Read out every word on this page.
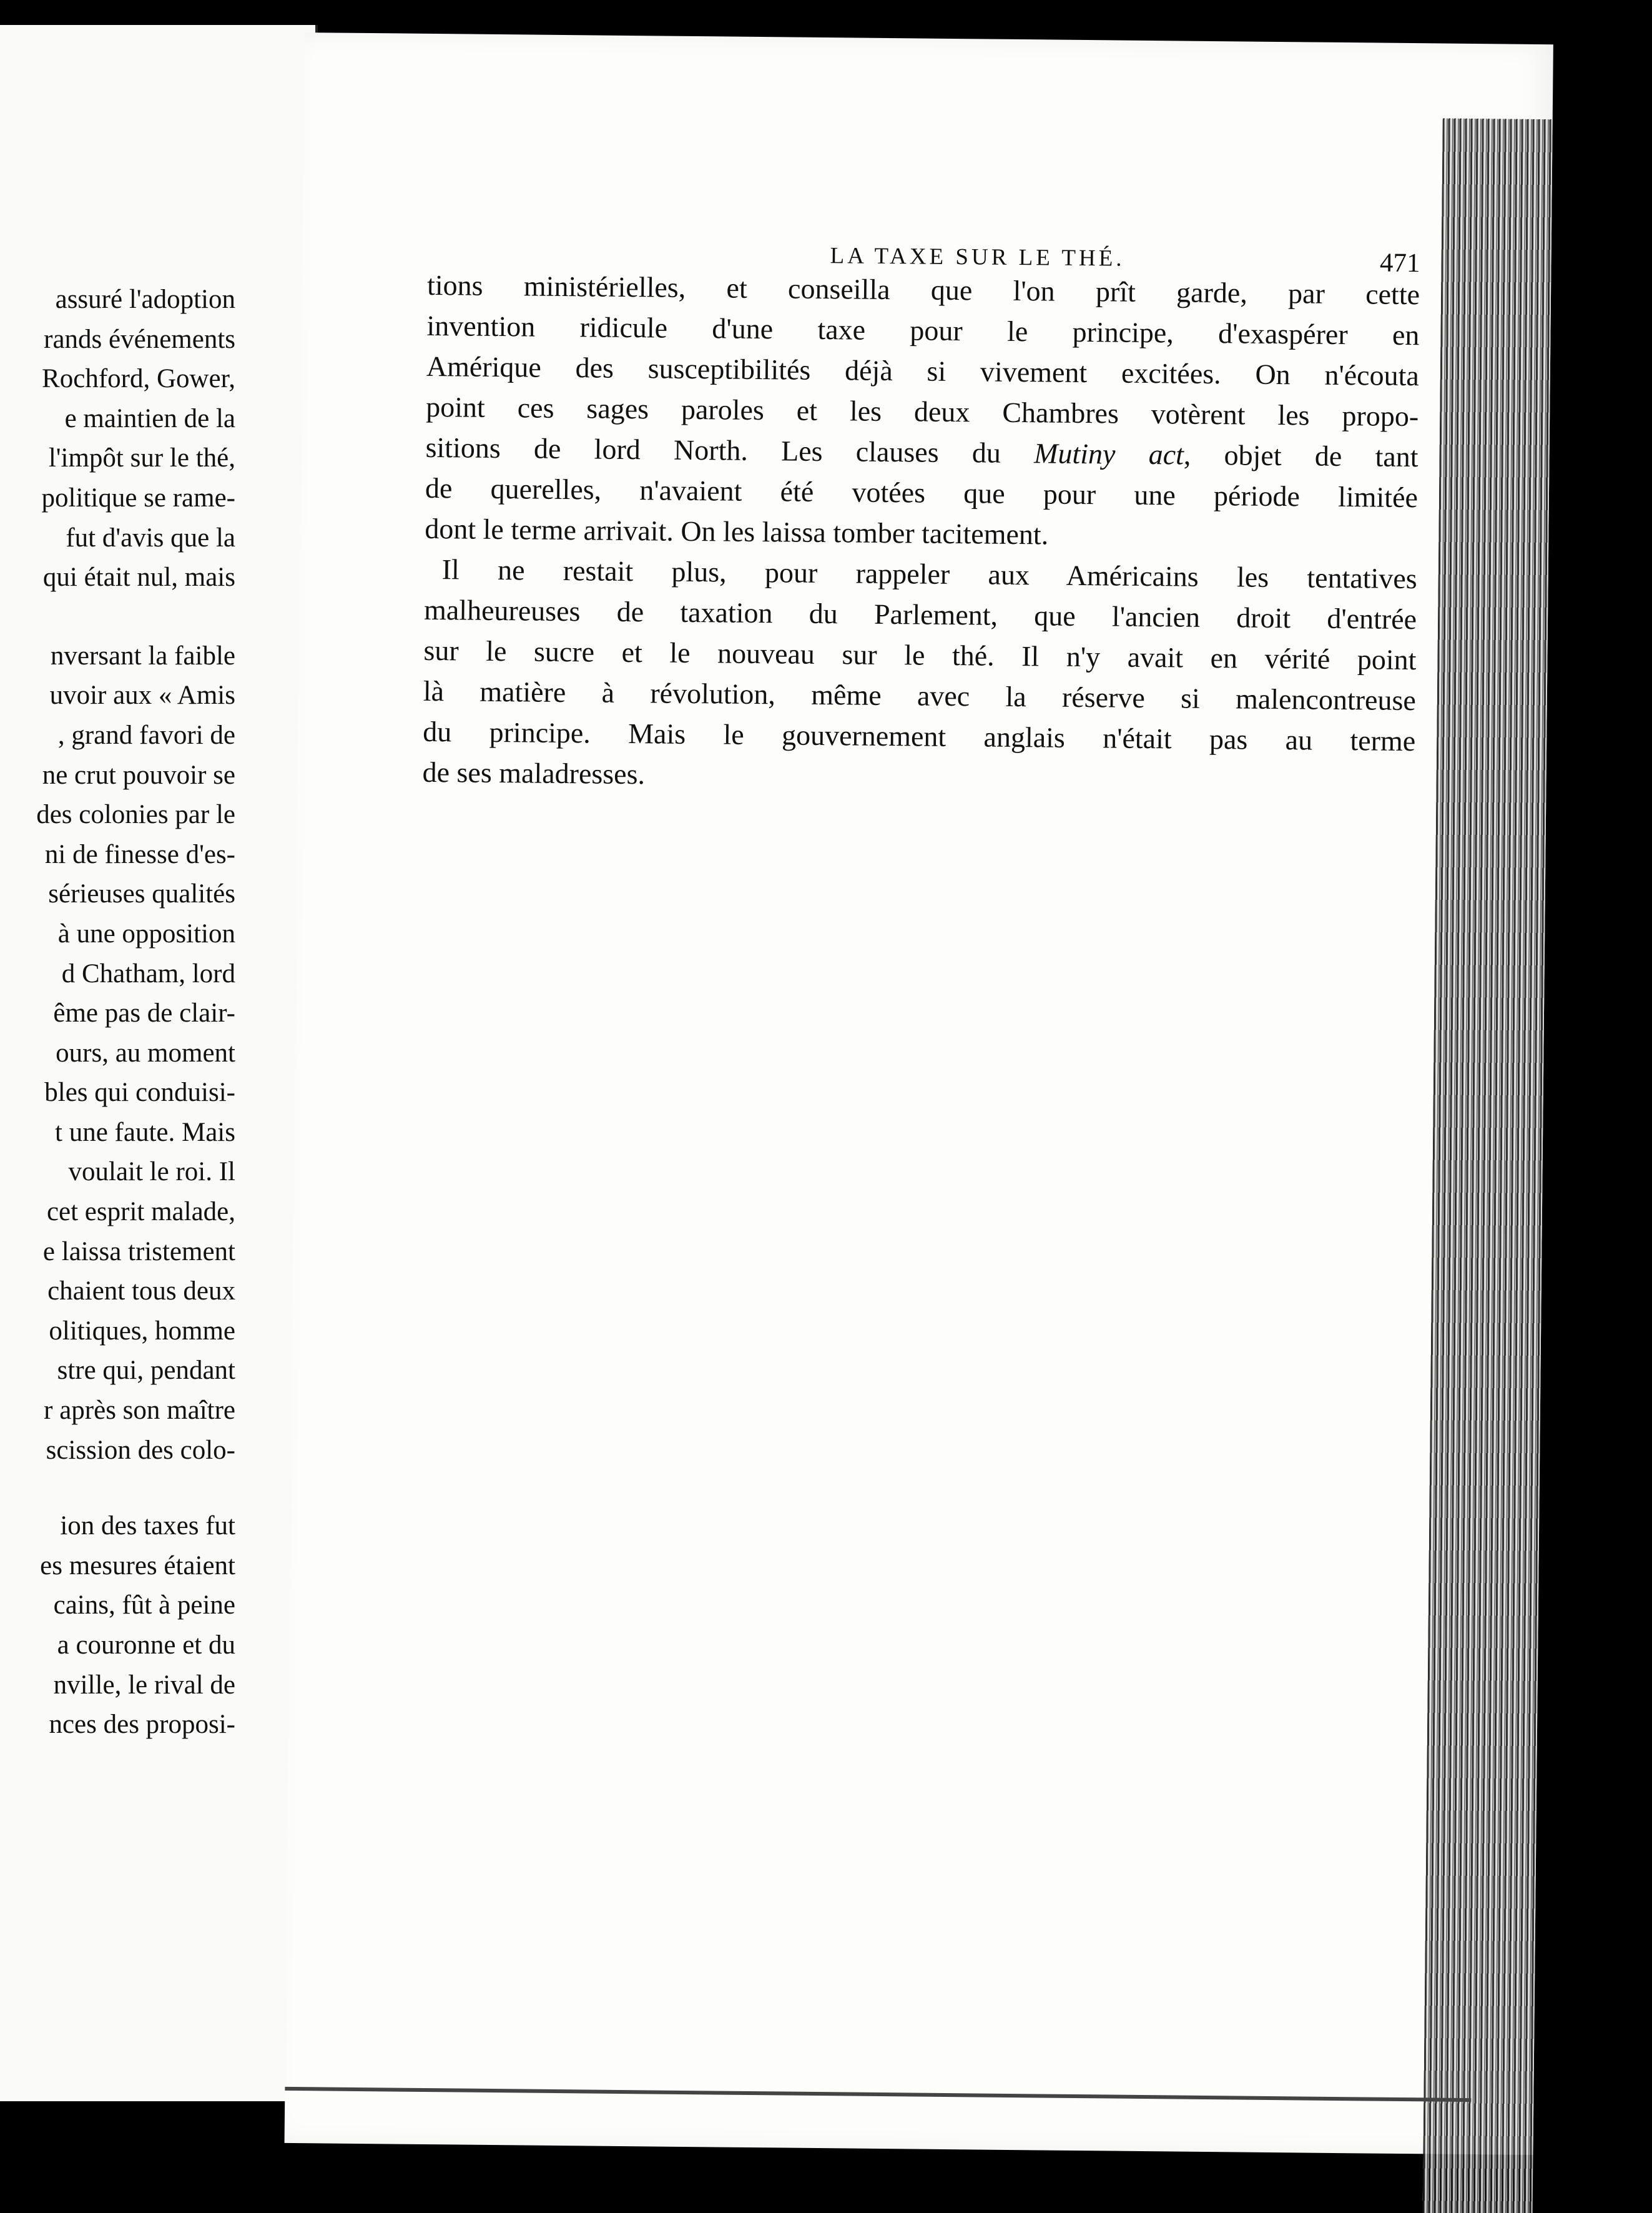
assuré l'adoption
rands événements
Rochford, Gower,
e maintien de la
l'impôt sur le thé,
politique se rame-
fut d'avis que la
qui était nul, mais
nversant la faible
uvoir aux « Amis
, grand favori de
ne crut pouvoir se
des colonies par le
ni de finesse d'es-
sérieuses qualités
à une opposition
d Chatham, lord
ême pas de clair-
ours, au moment
bles qui conduisi-
t une faute. Mais
voulait le roi. Il
cet esprit malade,
e laissa tristement
chaient tous deux
olitiques, homme
stre qui, pendant
r après son maître
scission des colo-
ion des taxes fut
es mesures étaient
cains, fût à peine
a couronne et du
nville, le rival de
nces des proposi-
LA TAXE SUR LE THÉ.	471
tions ministérielles, et conseilla que l'on prît garde, par cette
invention ridicule d'une taxe pour le principe, d'exaspérer en
Amérique des susceptibilités déjà si vivement excitées. On n'écouta
point ces sages paroles et les deux Chambres votèrent les propo-
sitions de lord North. Les clauses du Mutiny act, objet de tant
de querelles, n'avaient été votées que pour une période limitée
dont le terme arrivait. On les laissa tomber tacitement.
Il ne restait plus, pour rappeler aux Américains les tentatives
malheureuses de taxation du Parlement, que l'ancien droit d'entrée
sur le sucre et le nouveau sur le thé. Il n'y avait en vérité point
là matière à révolution, même avec la réserve si malencontreuse
du principe. Mais le gouvernement anglais n'était pas au terme
de ses maladresses.
